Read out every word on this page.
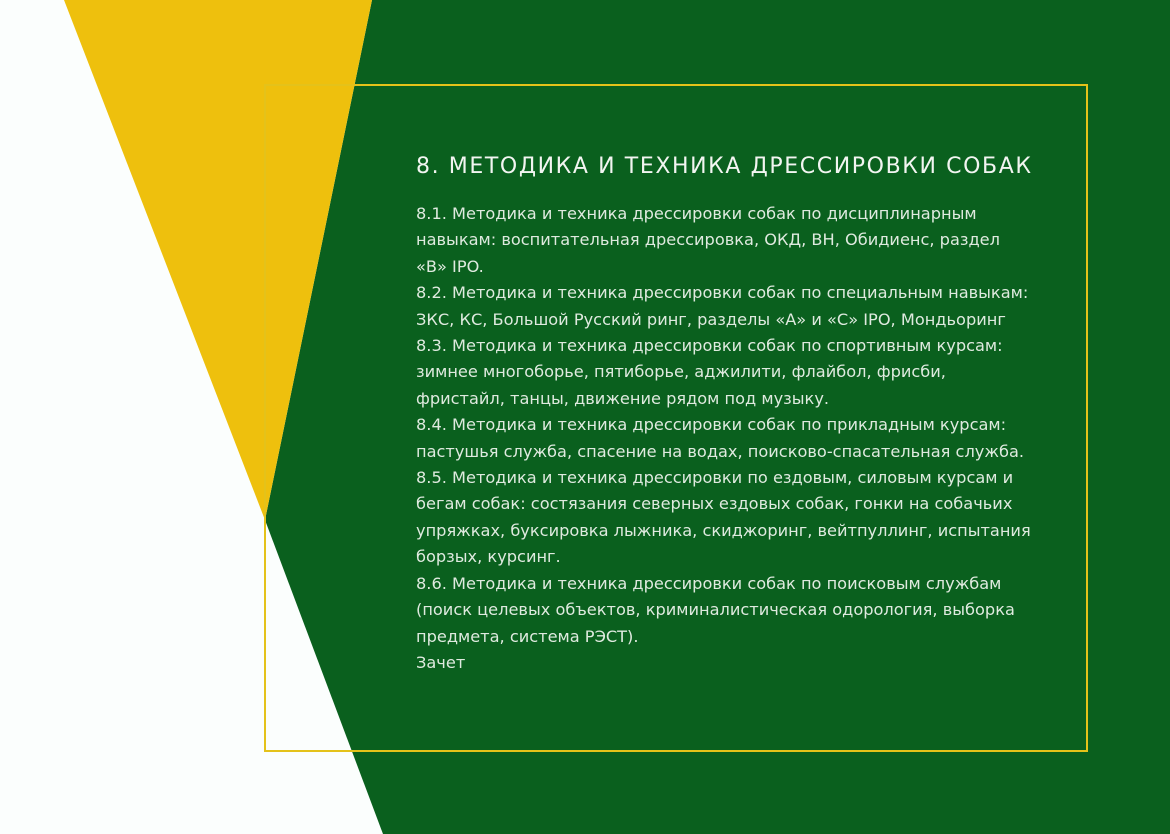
8. МЕТОДИКА И ТЕХНИКА ДРЕССИРОВКИ СОБАК

8.1. Методика и техника дрессировки собак по дисциплинарным навыкам: воспитательная дрессировка, ОКД, ВН, Обидиенс, раздел «В» IPO.

8.2. Методика и техника дрессировки собак по специальным навыкам: ЗКС, КС, Большой Русский ринг, разделы «А» и «С» IPO, Мондьоринг

8.3. Методика и техника дрессировки собак по спортивным курсам: зимнее многоборье, пятиборье, аджилити, флайбол, фрисби, фристайл, танцы, движение рядом под музыку.

8.4. Методика и техника дрессировки собак по прикладным курсам: пастушья служба, спасение на водах, поисково-спасательная служба.

8.5. Методика и техника дрессировки по ездовым, силовым курсам и бегам собак: состязания северных ездовых собак, гонки на собачьих упряжках, буксировка лыжника, скиджоринг, вейтпуллинг, испытания борзых, курсинг.

8.6. Методика и техника дрессировки собак по поисковым службам (поиск целевых объектов, криминалистическая одорология, выборка предмета, система РЭСТ).

Зачет
